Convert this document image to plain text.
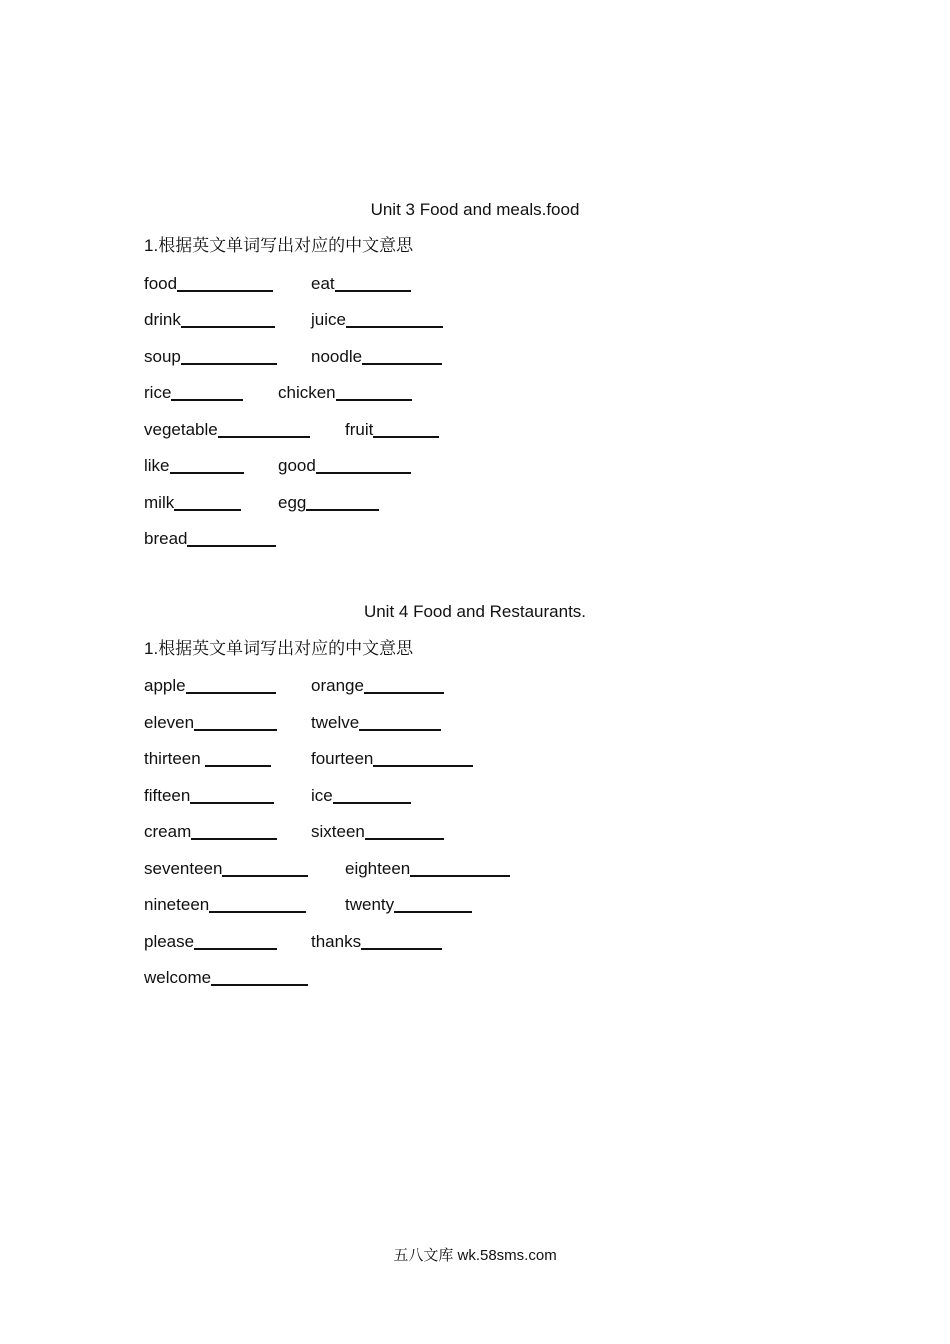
Unit 3 Food and meals.food
1.根据英文单词写出对应的中文意思
food	eat
drink	juice
soup	noodle
rice	chicken
vegetable	fruit
like	good
milk	egg
bread
Unit 4 Food and Restaurants.
1.根据英文单词写出对应的中文意思
apple	orange
eleven	twelve
thirteen	fourteen
fifteen	ice
cream	sixteen
seventeen	eighteen
nineteen	twenty
please	thanks
welcome
五八文库 wk.58sms.com
